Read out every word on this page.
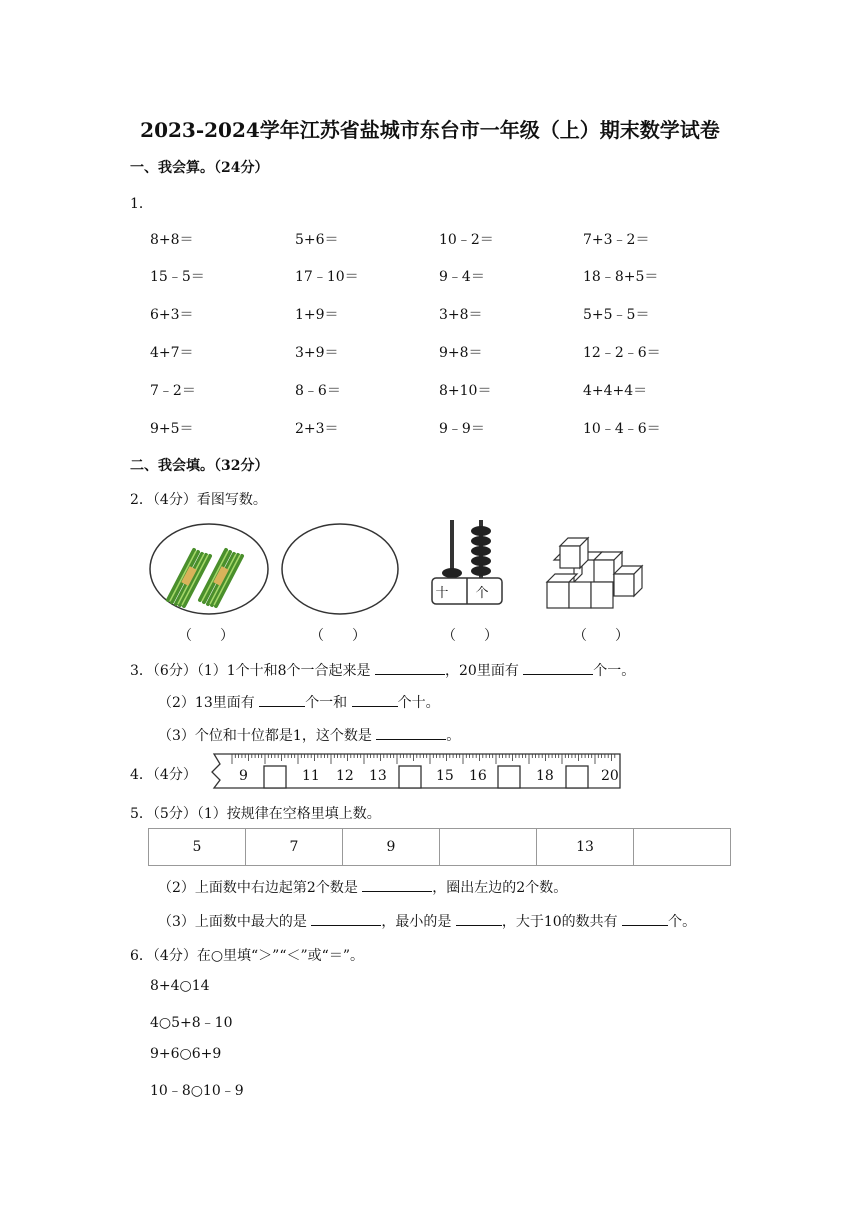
2023-2024学年江苏省盐城市东台市一年级（上）期末数学试卷
一、我会算。（24分）
1．
8+8＝	5+6＝	10﹣2＝	7+3﹣2＝
15﹣5＝	17﹣10＝	9﹣4＝	18﹣8+5＝
6+3＝	1+9＝	3+8＝	5+5﹣5＝
4+7＝	3+9＝	9+8＝	12﹣2﹣6＝
7﹣2＝	8﹣6＝	8+10＝	4+4+4＝
9+5＝	2+3＝	9﹣9＝	10﹣4﹣6＝
二、我会填。（32分）
2．（4分）看图写数。
十	个
（　　）	（　　）	（　　）	（　　）
3．（6分）（1）1个十和8个一合起来是	，20里面有	个一。
（2）13里面有	个一和	个十。
（3）个位和十位都是1，这个数是	。
4．（4分）	9	11 12 13	15 16	18	20
5．（5分）（1）按规律在空格里填上数。
5	7	9		13	
（2）上面数中右边起第2个数是	，圈出左边的2个数。
（3）上面数中最大的是	，最小的是	，大于10的数共有	个。
6．（4分）在○里填“＞”“＜”或“＝”。
8+4○14
4○5+8﹣10
9+6○6+9
10﹣8○10﹣9
